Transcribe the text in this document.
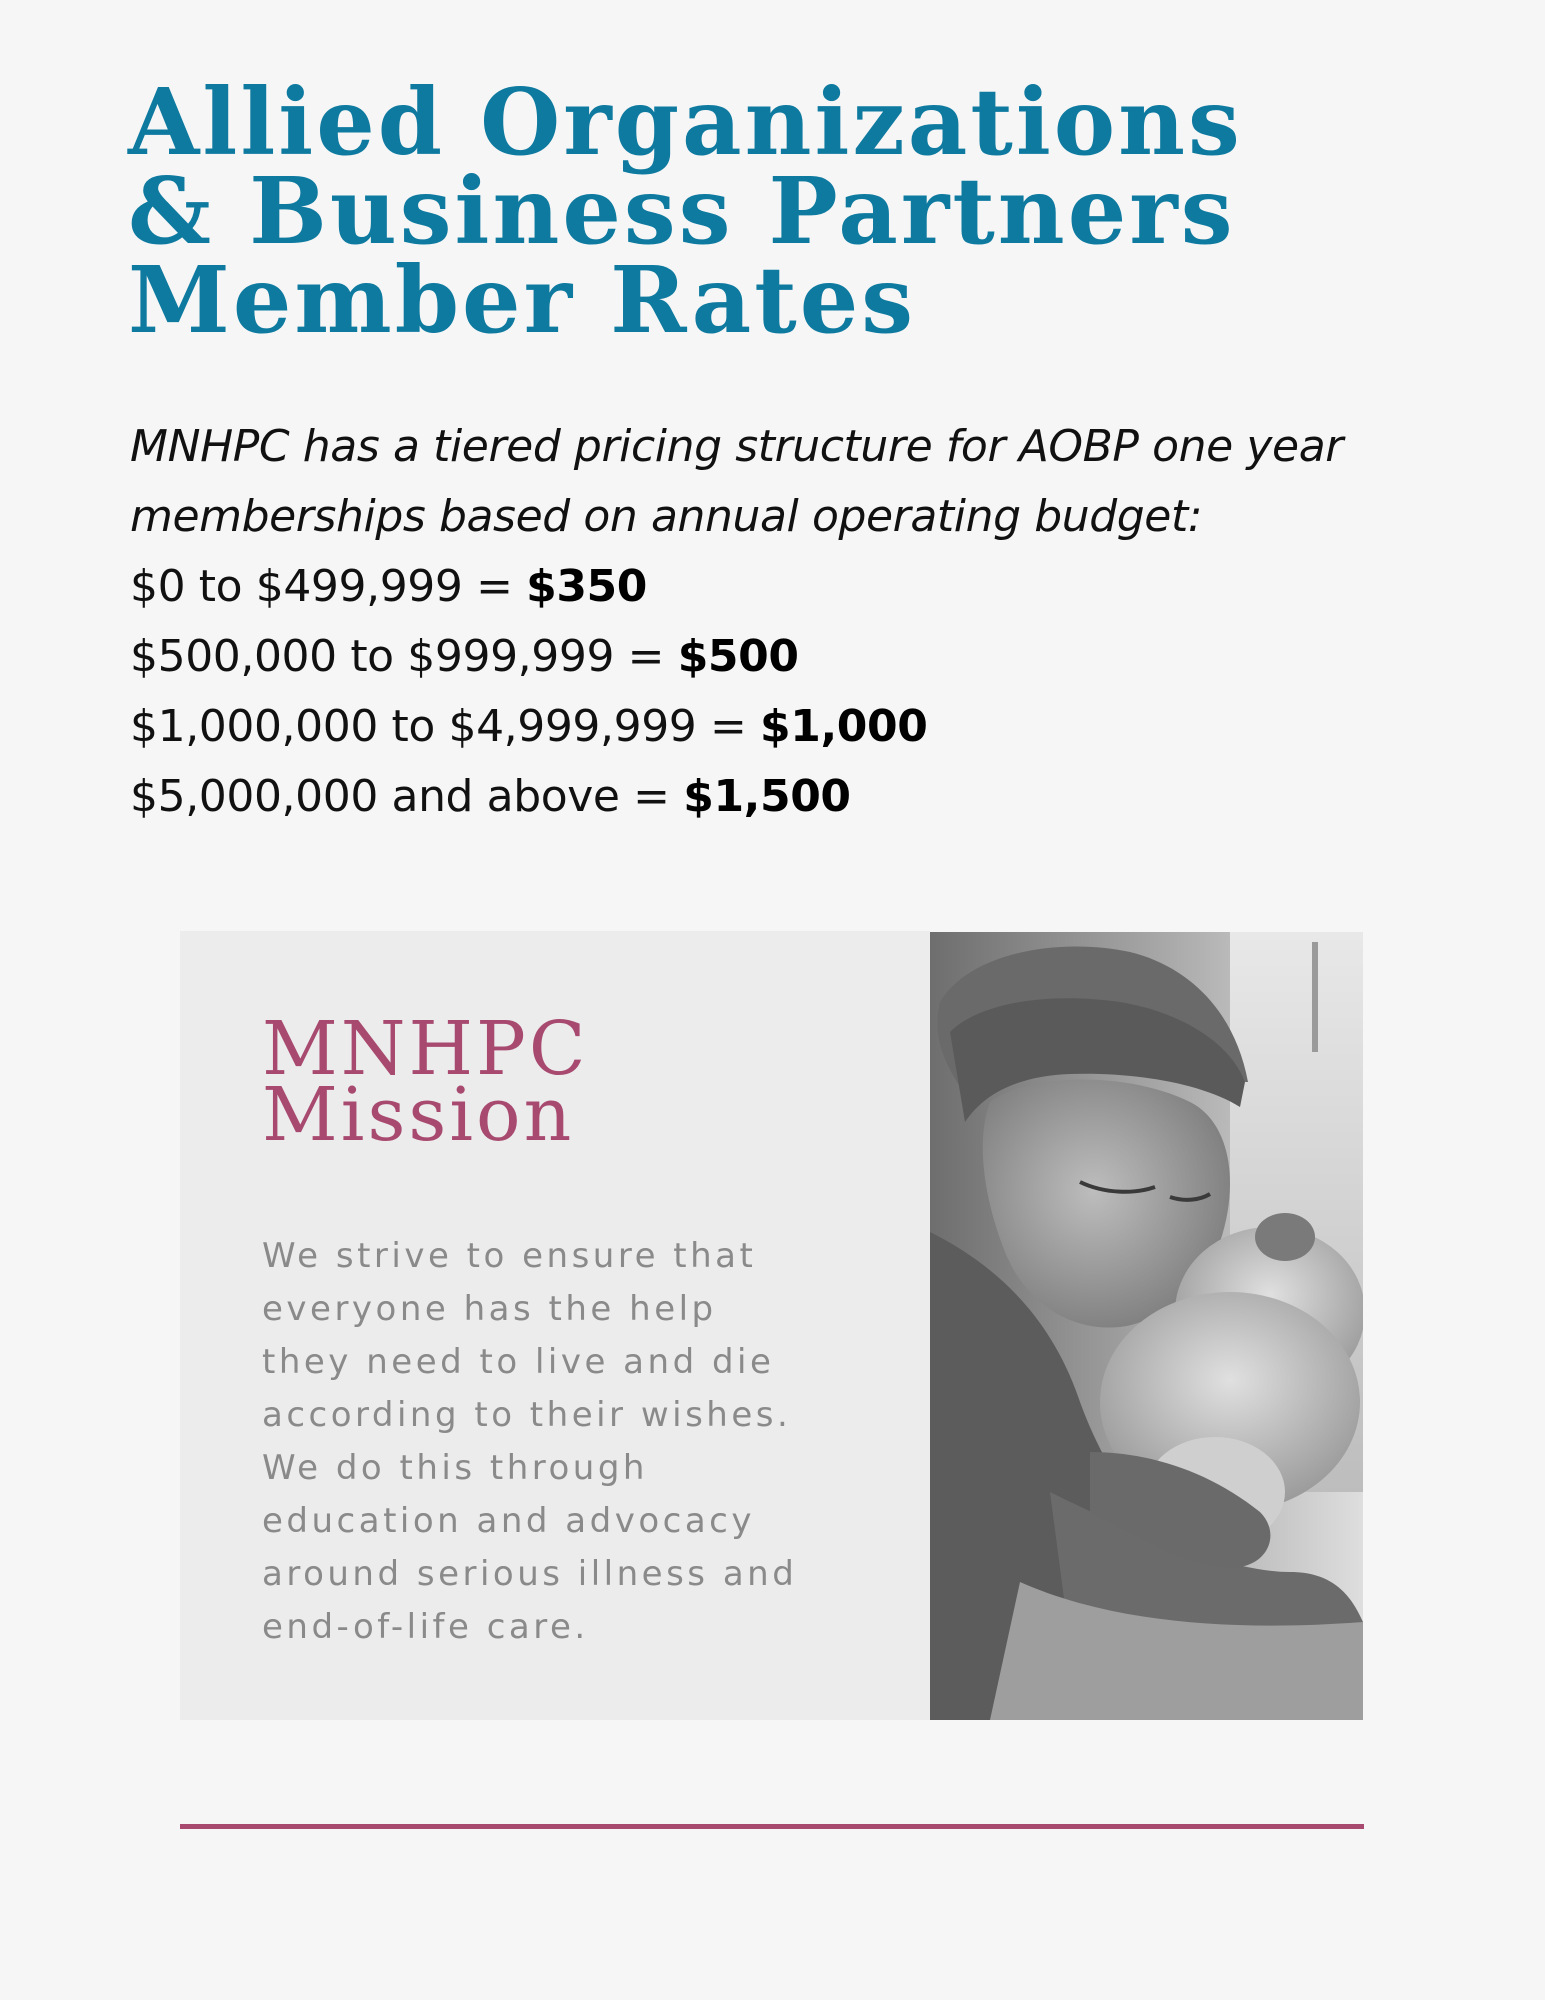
Allied Organizations
& Business Partners
Member Rates

MNHPC has a tiered pricing structure for AOBP one year
memberships based on annual operating budget:

$0 to $499,999 = $350
$500,000 to $999,999 = $500
$1,000,000 to $4,999,999 = $1,000
$5,000,000 and above = $1,500
MNHPC
Mission

We strive to ensure that
everyone has the help
they need to live and die
according to their wishes.
We do this through
education and advocacy
around serious illness and
end-of-life care.
